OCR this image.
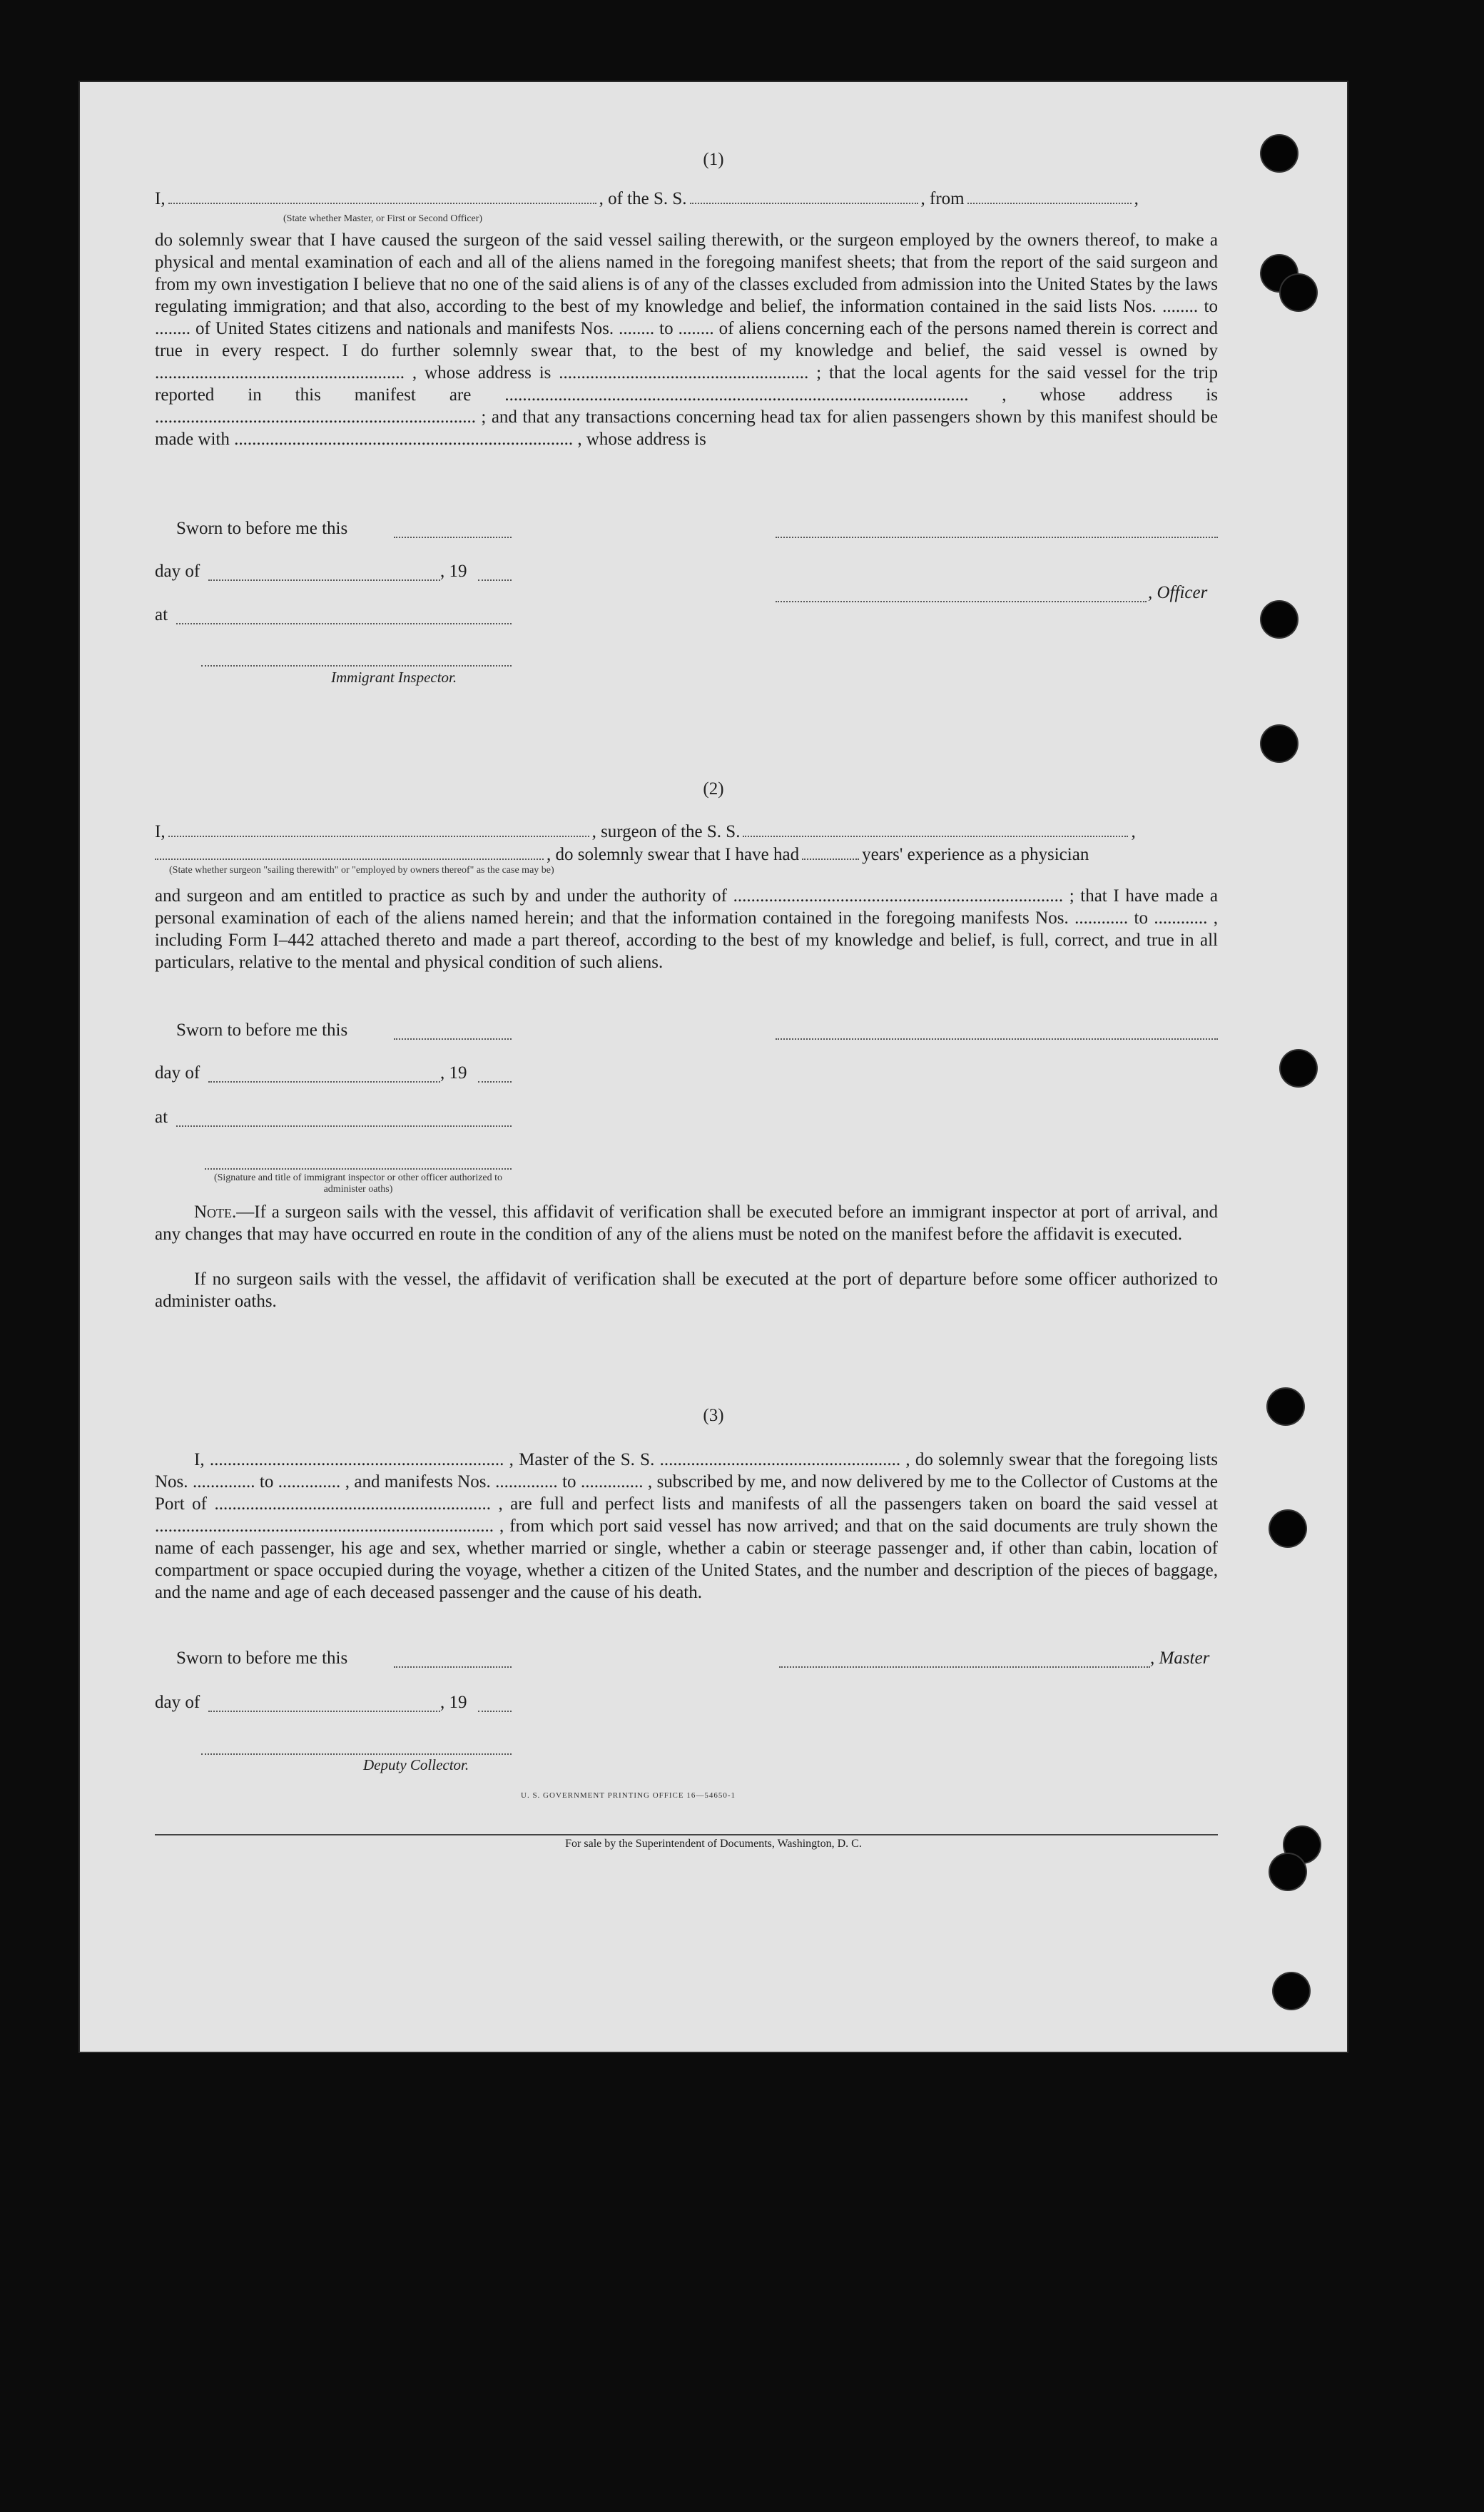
(1)
I,	, of the S. S.	, from	,
(State whether Master, or First or Second Officer)

do solemnly swear that I have caused the surgeon of the said vessel sailing therewith, or the surgeon employed by the owners thereof, to make a physical and mental examination of each and all of the aliens named in the foregoing manifest sheets; that from the report of the said surgeon and from my own investigation I believe that no one of the said aliens is of any of the classes excluded from admission into the United States by the laws regulating immigration; and that also, according to the best of my knowledge and belief, the information contained in the said lists Nos. ........ to ........ of United States citizens and nationals and manifests Nos. ........ to ........ of aliens concerning each of the persons named therein is correct and true in every respect. I do further solemnly swear that, to the best of my knowledge and belief, the said vessel is owned by ........................................................ , whose address is ........................................................ ; that the local agents for the said vessel for the trip reported in this manifest are ........................................................................................................ , whose address is ........................................................................ ; and that any transactions concerning head tax for alien passengers shown by this manifest should be made with ............................................................................ , whose address is

Sworn to before me this
day of	, 19
at
, Officer
Immigrant Inspector.
(2)
I,	, surgeon of the S. S.	,
, do solemnly swear that I have had	years' experience as a physician
(State whether surgeon "sailing therewith" or "employed by owners thereof" as the case may be)

and surgeon and am entitled to practice as such by and under the authority of .......................................................................... ; that I have made a personal examination of each of the aliens named herein; and that the information contained in the foregoing manifests Nos. ............ to ............ , including Form I–442 attached thereto and made a part thereof, according to the best of my knowledge and belief, is full, correct, and true in all particulars, relative to the mental and physical condition of such aliens.

Sworn to before me this
day of	, 19
at
(Signature and title of immigrant inspector or other officer authorized to administer oaths)
Note.—If a surgeon sails with the vessel, this affidavit of verification shall be executed before an immigrant inspector at port of arrival, and any changes that may have occurred en route in the condition of any of the aliens must be noted on the manifest before the affidavit is executed.
If no surgeon sails with the vessel, the affidavit of verification shall be executed at the port of departure before some officer authorized to administer oaths.
(3)

I, .................................................................. , Master of the S. S. ...................................................... , do solemnly swear that the foregoing lists Nos. .............. to .............. , and manifests Nos. .............. to .............. , subscribed by me, and now delivered by me to the Collector of Customs at the Port of .............................................................. , are full and perfect lists and manifests of all the passengers taken on board the said vessel at ............................................................................ , from which port said vessel has now arrived; and that on the said documents are truly shown the name of each passenger, his age and sex, whether married or single, whether a cabin or steerage passenger and, if other than cabin, location of compartment or space occupied during the voyage, whether a citizen of the United States, and the number and description of the pieces of baggage, and the name and age of each deceased passenger and the cause of his death.

Sworn to before me this	, Master
day of	, 19
Deputy Collector.
U. S. GOVERNMENT PRINTING OFFICE 16—54650-1
For sale by the Superintendent of Documents, Washington, D. C.
